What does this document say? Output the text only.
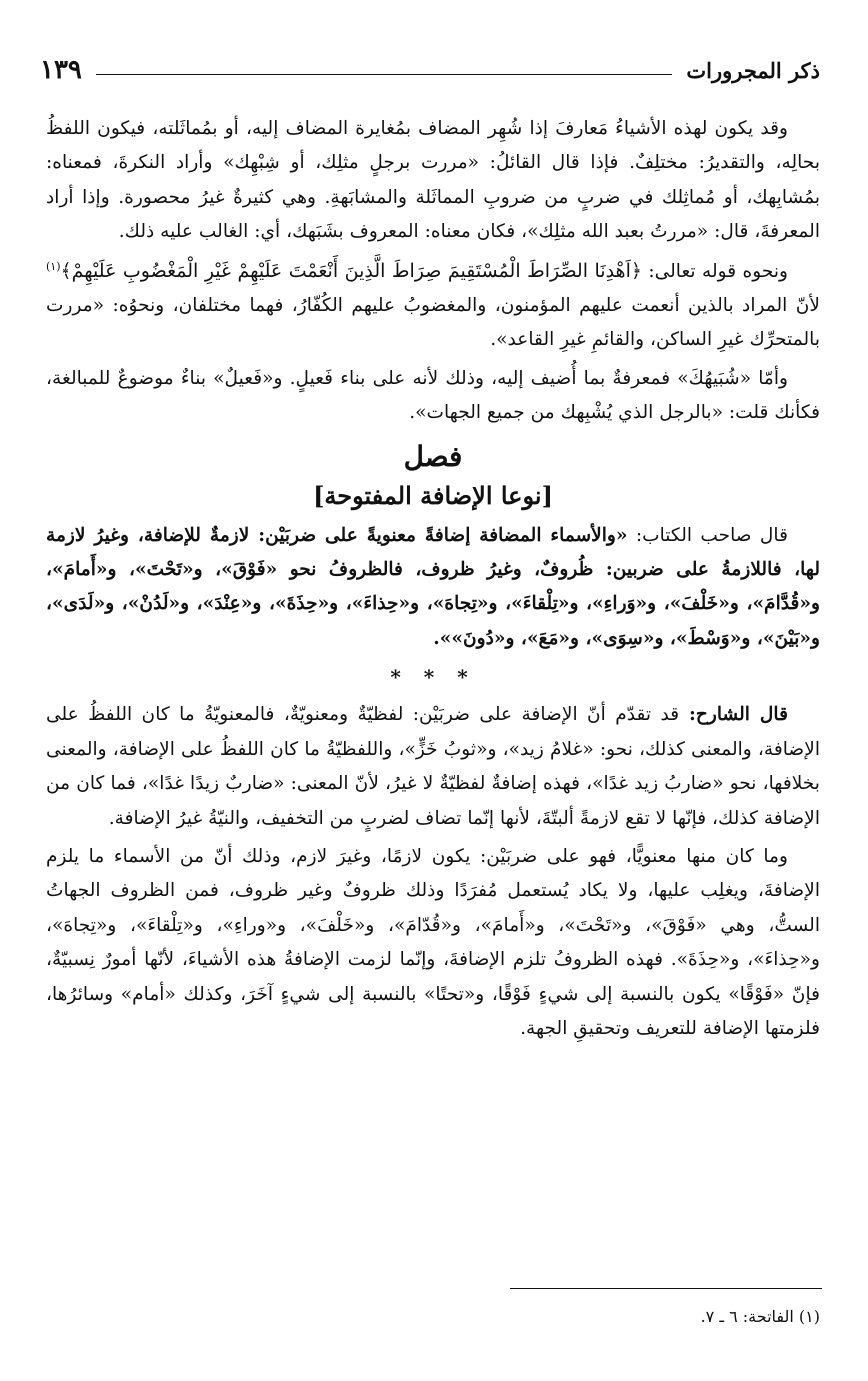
ذكر المجرورات
١٣٩

وقد يكون لهذه الأشياءُ مَعارفَ إذا شُهِر المضاف بمُغايرة المضاف إليه، أو بمُماثَلته، فيكون اللفظُ بحالِه، والتقديرُ: مختلِفٌ. فإذا قال القائلُ: «مررت برجلٍ مثلِك، أو شِبْهِك» وأراد النكرةَ، فمعناه: بمُشابِهك، أو مُماثِلك في ضربٍ من ضروبِ المماثَلة والمشابَهةِ. وهي كثيرةٌ غيرُ محصورة. وإذا أراد المعرفةَ، قال: «مررتُ بعبد الله مثلِك»، فكان معناه: المعروف بشَبَهك، أي: الغالب عليه ذلك.

ونحوه قوله تعالى: ﴿اَهْدِنَا الصِّرَاطَ الْمُسْتَقِيمَ صِرَاطَ الَّذِينَ أَنْعَمْتَ عَلَيْهِمْ غَيْرِ الْمَغْضُوبِ عَلَيْهِمْ﴾$^{(١)}$ لأنّ المراد بالذين أنعمت عليهم المؤمنون، والمغضوبُ عليهم الكُفّارُ، فهما مختلفان، ونحوُه: «مررت بالمتحرِّك غيرِ الساكن، والقائمِ غيرِ القاعد».

وأمّا «شُبَيهُكَ» فمعرفةٌ بما أُضيف إليه، وذلك لأنه على بناء فَعيلٍ. و«فَعيلٌ» بناءٌ موضوعٌ للمبالغة، فكأنك قلت: «بالرجل الذي يُشْبِهك من جميع الجهات».

فصل

[نوعا الإضافة المفتوحة]

قال صاحب الكتاب: «والأسماء المضافة إضافةً معنويةً على ضربَيْن: لازمةٌ للإضافة، وغيرُ لازمة لها، فاللازمةُ على ضربين: ظُروفٌ، وغيرُ ظروف، فالظروفُ نحو «فَوْقَ»، و«تَحْتَ»، و«أَمامَ»، و«قُدَّامَ»، و«خَلْفَ»، و«وَراءِ»، و«تِلْقاءَ»، و«تِجاهَ»، و«حِذاءَ»، و«حِذَةَ»، و«عِنْدَ»، و«لَدُنْ»، و«لَدَى»، و«بَيْنَ»، و«وَسْطَ»، و«سِوَى»، و«مَعَ»، و«دُونَ»».

* * *

قال الشارح: قد تقدّم أنّ الإضافة على ضربَيْن: لفظيّةٌ ومعنويّةٌ، فالمعنويّةُ ما كان اللفظُ على الإضافة، والمعنى كذلك، نحو: «غلامُ زيد»، و«ثوبُ خَزٍّ»، واللفظيّةُ ما كان اللفظُ على الإضافة، والمعنى بخلافها، نحو «ضاربُ زيد غدًا»، فهذه إضافةٌ لفظيّةٌ لا غيرُ، لأنّ المعنى: «ضاربٌ زيدًا غدًا»، فما كان من الإضافة كذلك، فإنّها لا تقع لازمةً ألبتّةَ، لأنها إنّما تضاف لضربٍ من التخفيف، والنيّةُ غيرُ الإضافة.

وما كان منها معنويًّا، فهو على ضربَيْن: يكون لازمًا، وغيرَ لازم، وذلك أنّ من الأسماء ما يلزم الإضافةَ، ويغلِب عليها، ولا يكاد يُستعمل مُفرَدًا وذلك ظروفٌ وغير ظروف، فمن الظروف الجهاتُ الستُّ، وهي «فَوْقَ»، و«تَحْتَ»، و«أَمامَ»، و«قُدّامَ»، و«خَلْفَ»، و«وراءِ»، و«تِلْقاءَ»، و«تِجاهَ»، و«حِذاءَ»، و«حِذَةَ». فهذه الظروفُ تلزم الإضافةَ، وإنّما لزمت الإضافةُ هذه الأشياءَ، لأنّها أمورٌ نِسبيّةٌ، فإنّ «فَوْقًا» يكون بالنسبة إلى شيءٍ فَوْقًا، و«تحتًا» بالنسبة إلى شيءٍ آخَرَ، وكذلك «أمام» وسائرُها، فلزمتها الإضافة للتعريف وتحقيقِ الجهة.

(١) الفاتحة: ٦ ـ ٧.
